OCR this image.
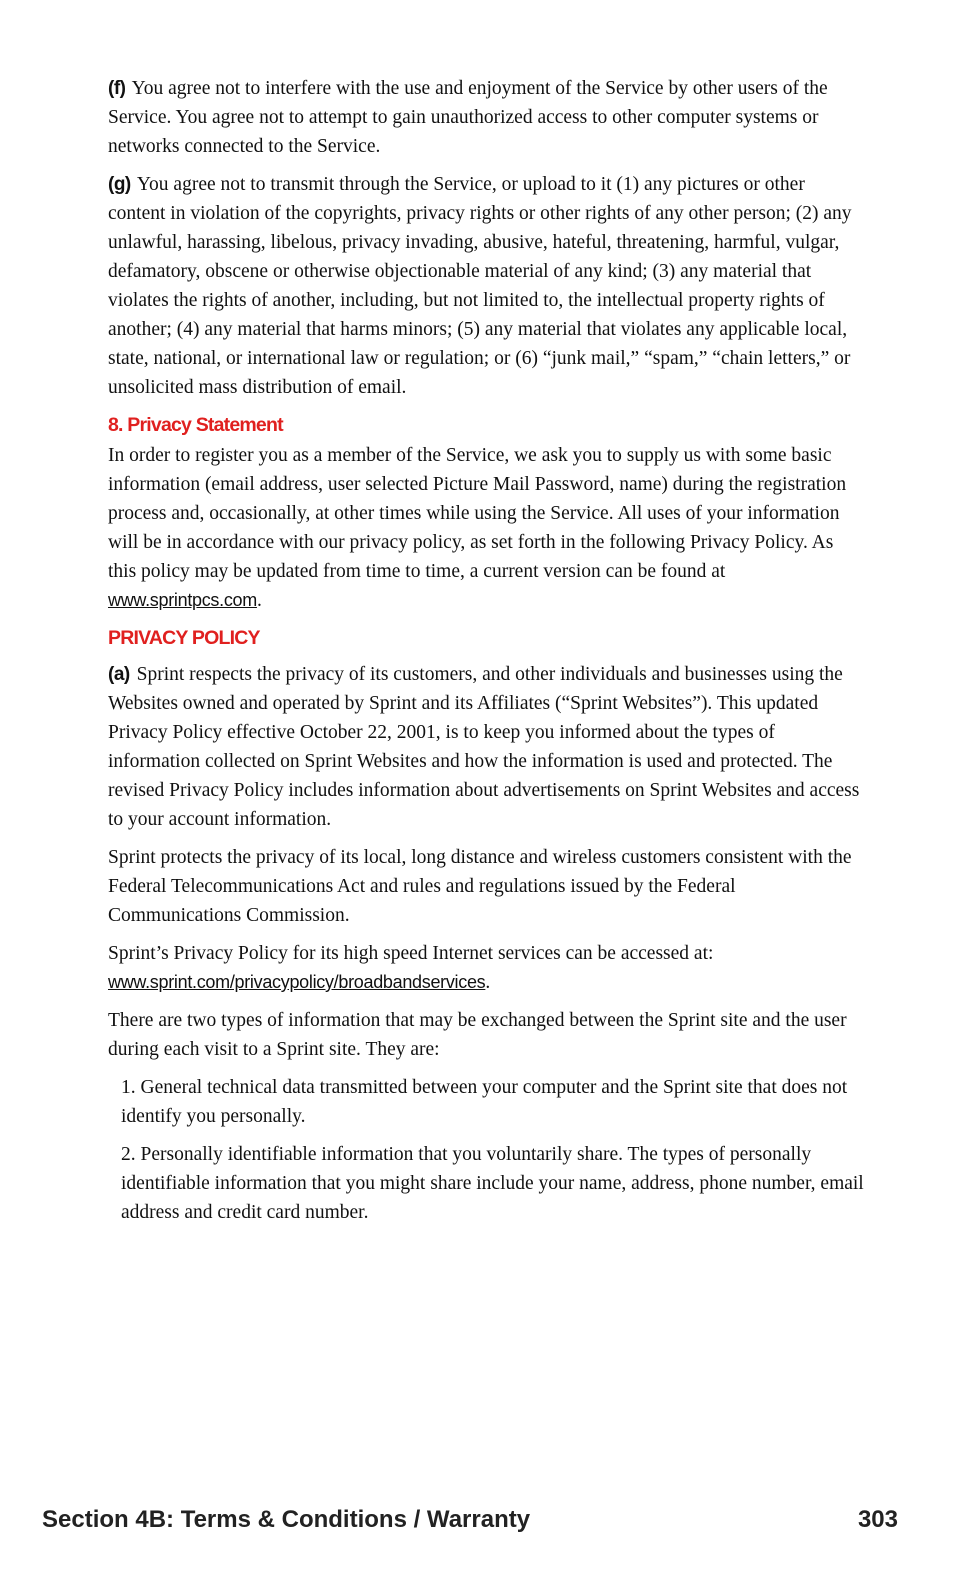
(f) You agree not to interfere with the use and enjoyment of the Service by other users of the Service. You agree not to attempt to gain unauthorized access to other computer systems or networks connected to the Service.

(g) You agree not to transmit through the Service, or upload to it (1) any pictures or other content in violation of the copyrights, privacy rights or other rights of any other person; (2) any unlawful, harassing, libelous, privacy invading, abusive, hateful, threatening, harmful, vulgar, defamatory, obscene or otherwise objectionable material of any kind; (3) any material that violates the rights of another, including, but not limited to, the intellectual property rights of another; (4) any material that harms minors; (5) any material that violates any applicable local, state, national, or international law or regulation; or (6) “junk mail,” “spam,” “chain letters,” or unsolicited mass distribution of email.

8. Privacy Statement

In order to register you as a member of the Service, we ask you to supply us with some basic information (email address, user selected Picture Mail Password, name) during the registration process and, occasionally, at other times while using the Service. All uses of your information will be in accordance with our privacy policy, as set forth in the following Privacy Policy. As this policy may be updated from time to time, a current version can be found at www.sprintpcs.com.

PRIVACY POLICY

(a) Sprint respects the privacy of its customers, and other individuals and businesses using the Websites owned and operated by Sprint and its Affiliates (“Sprint Websites”). This updated Privacy Policy effective October 22, 2001, is to keep you informed about the types of information collected on Sprint Websites and how the information is used and protected. The revised Privacy Policy includes information about advertisements on Sprint Websites and access to your account information.

Sprint protects the privacy of its local, long distance and wireless customers consistent with the Federal Telecommunications Act and rules and regulations issued by the Federal Communications Commission.

Sprint’s Privacy Policy for its high speed Internet services can be accessed at:
www.sprint.com/privacypolicy/broadbandservices.

There are two types of information that may be exchanged between the Sprint site and the user during each visit to a Sprint site. They are:

1. General technical data transmitted between your computer and the Sprint site that does not identify you personally.

2. Personally identifiable information that you voluntarily share. The types of personally identifiable information that you might share include your name, address, phone number, email address and credit card number.

Section 4B: Terms & Conditions / Warranty	303
